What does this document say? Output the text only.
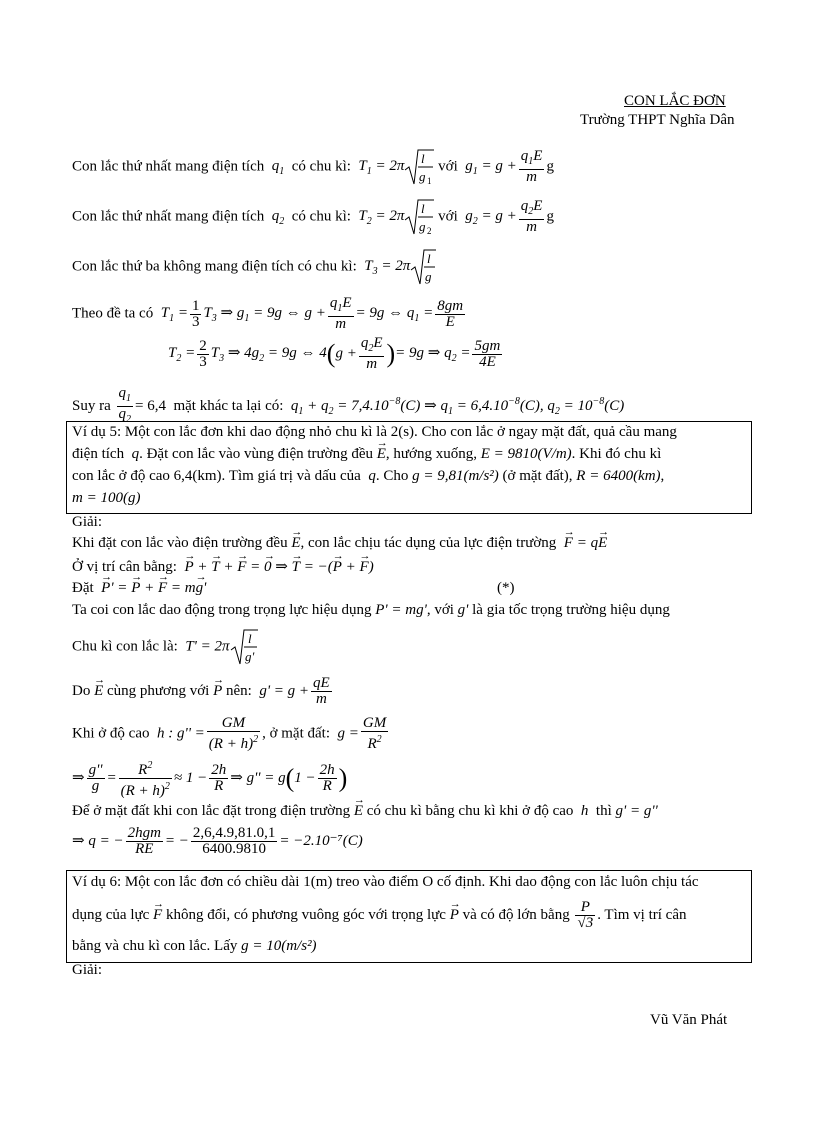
CON LẮC ĐƠN
Trường THPT Nghĩa Dân
Con lắc thứ nhất mang điện tích  $q_1$ có chu kì:  $T_1 = 2\pi$ l
g 1
với  $g_1 = g + \frac{q_1E}{m}$ g
Con lắc thứ nhất mang điện tích  $q_2$ có chu kì:  $T_2 = 2\pi$ l
g 2
với  $g_2 = g + \frac{q_2E}{m}$ g
Con lắc thứ ba không mang điện tích có chu kì:  $T_3 = 2\pi$ l
g
Theo đề ta có  $T_1 = \frac{1}{3} T_3$ ⇒ $g_1 = 9g$ ⇔ $g + \frac{q_1E}{m} = 9g$ ⇔ $q_1 = \frac{8gm}{E}$
$T_2 = \frac{2}{3} T_3$ ⇒ $4g_2 = 9g$ ⇔ $4(g + \frac{q_2E}{m}$ )= 9g ⇒ $q_2 = \frac{5gm}{4E}$
Suy ra $\frac{q_1}{q_2} = 6,4$  mặt khác ta lại có:  $q_1 + q_2 = 7,4.10^{-8}(C)$ ⇒ $q_1 = 6,4.10^{-8}(C)$, $q_2 = 10^{-8}(C)$
Ví dụ 5: Một con lắc đơn khi dao động nhỏ chu kì là 2(s). Cho con lắc ở ngay mặt đất, quả cầu mang
điện tích  q. Đặt con lắc vào vùng điện trường đều → E, hướng xuống, E = 9810(V/m). Khi đó chu kì
con lắc ở độ cao 6,4(km). Tìm giá trị và dấu của  q. Cho g = 9,81(m/s²) (ở mặt đất), R = 6400(km),
m = 100(g)
Giải:
Khi đặt con lắc vào điện trường đều → E, con lắc chịu tác dụng của lực điện trường → F = q→ E
Ở vị trí cân bằng: → P + → T + → F = → 0 ⇒ → T = −(→ P + → F)
Đặt → P' = → P + → F = m→ g'	(*)
Ta coi con lắc dao động trong trọng lực hiệu dụng P' = mg', với g' là gia tốc trọng trường hiệu dụng
Chu kì con lắc là:  T' = 2π l
g'
Do → E cùng phương với → P nên:  $g' = g + \frac{qE}{m}$
Khi ở độ cao  h : $g'' = \frac{GM}{(R + h)^2}$ , ở mặt đất:  $g = \frac{GM}{R^2}$
⇒ $\frac{g''}{g} = \frac{R^2}{(R + h)^2} \approx 1 - \frac{2h}{R}$ ⇒ $g'' = g(1 - \frac{2h}{R}$ )
Để ở mặt đất khi con lắc đặt trong điện trường → E có chu kì bằng chu kì khi ở độ cao  h  thì g' = g''
⇒ q = − $\frac{\text{2hgm}}{RE}$ = − $\frac{2,6,4.9,81.0,1}{6400.9810} = -2.10^{-7}(C)$
Ví dụ 6: Một con lắc đơn có chiều dài 1(m) treo vào điểm O cố định. Khi dao động con lắc luôn chịu tác
dụng của lực → F không đổi, có phương vuông góc với trọng lực → P và có độ lớn bằng $\frac{P}{√3}$ . Tìm vị trí cân
bằng và chu kì con lắc. Lấy g = 10(m/s²)
Giải:
Vũ Văn Phát
